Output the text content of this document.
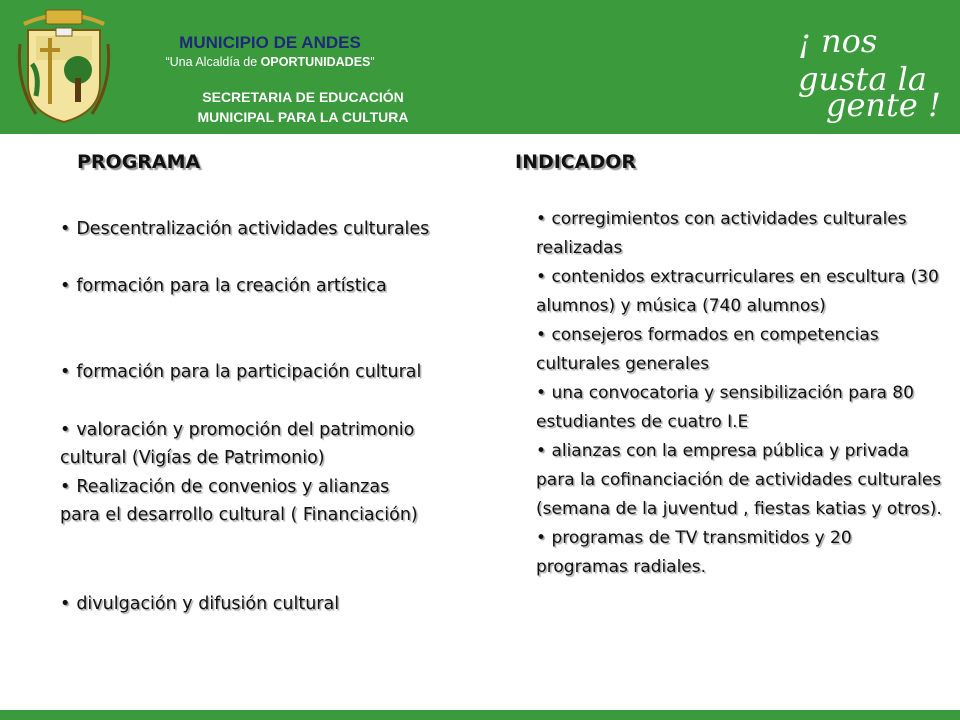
MUNICIPIO DE ANDES
“Una Alcaldía de OPORTUNIDADES”
SECRETARIA DE EDUCACIÓN
MUNICIPAL PARA LA CULTURA
¡ nos gusta la
gente !
PROGRAMA	INDICADOR
• Descentralización actividades culturales
• formación para la creación artística
• formación para la participación cultural
• valoración y promoción del patrimonio
cultural (Vigías de Patrimonio)
• Realización de convenios y alianzas
para el desarrollo cultural ( Financiación)
• divulgación y difusión cultural

• corregimientos con actividades culturales realizadas

• contenidos extracurriculares en escultura (30 alumnos) y música (740 alumnos)

• consejeros formados en competencias culturales generales

• una convocatoria y sensibilización para 80 estudiantes de cuatro I.E

• alianzas con la empresa pública y privada para la cofinanciación de actividades culturales (semana de la juventud , fiestas katias y otros).

• programas de TV transmitidos y 20 programas radiales.
